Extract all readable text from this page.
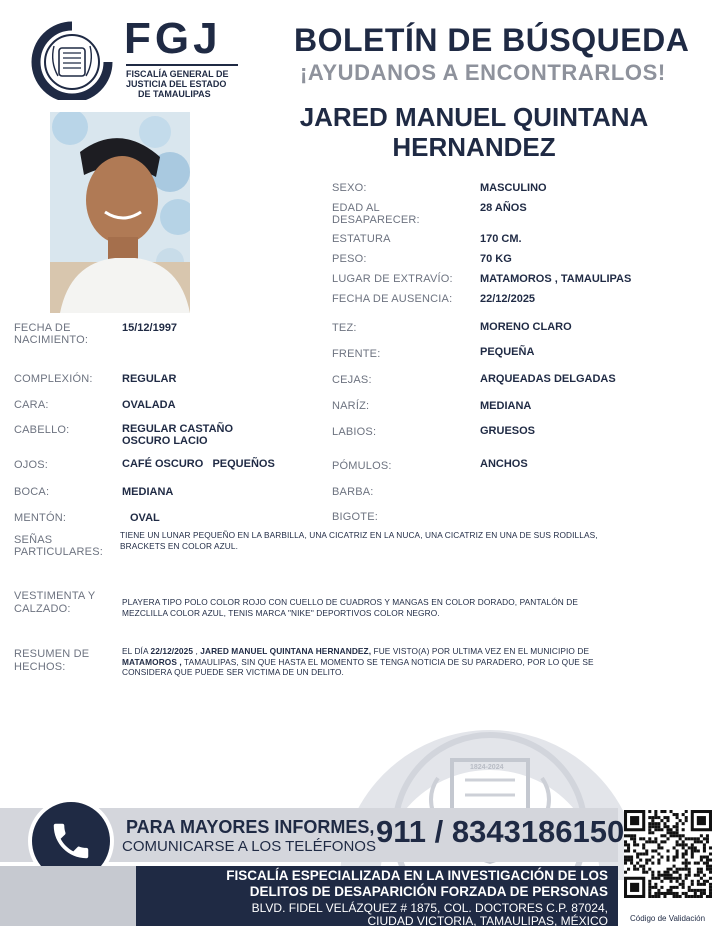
FGJ
FISCALÍA GENERAL DE
JUSTICIA DEL ESTADO
DE TAMAULIPAS
BOLETÍN DE BÚSQUEDA
¡AYUDANOS A ENCONTRARLOS!
JARED MANUEL QUINTANA
HERNANDEZ
SEXO:	MASCULINO
EDAD AL
DESAPARECER:
28 AÑOS
ESTATURA	170 CM.
PESO:	70 KG
LUGAR DE EXTRAVÍO: MATAMOROS , TAMAULIPAS
FECHA DE AUSENCIA:	22/12/2025
FECHA DE
NACIMIENTO:
15/12/1997
COMPLEXIÓN:	REGULAR
CARA:	OVALADA
CABELLO:	REGULAR CASTAÑO
OSCURO LACIO
OJOS:	CAFÉ OSCURO   PEQUEÑOS
BOCA:	MEDIANA
MENTÓN:	OVAL
TEZ:	MORENO CLARO
FRENTE:	PEQUEÑA
CEJAS:	ARQUEADAS DELGADAS
NARÍZ:	MEDIANA
LABIOS:	GRUESOS
PÓMULOS:	ANCHOS
BARBA:
BIGOTE:
SEÑAS
PARTICULARES:
TIENE UN LUNAR PEQUEÑO EN LA BARBILLA, UNA CICATRIZ EN LA NUCA, UNA CICATRIZ EN UNA DE SUS RODILLAS,
BRACKETS EN COLOR AZUL.
VESTIMENTA Y
CALZADO:
PLAYERA TIPO POLO COLOR ROJO CON CUELLO DE CUADROS Y MANGAS EN COLOR DORADO, PANTALÓN DE
MEZCLILLA COLOR AZUL, TENIS MARCA "NIKE" DEPORTIVOS COLOR NEGRO.
1824-2024
RESUMEN DE
HECHOS:
EL DÍA 22/12/2025 , JARED MANUEL QUINTANA HERNANDEZ, FUE VISTO(A) POR ULTIMA VEZ EN EL MUNICIPIO DE
MATAMOROS , TAMAULIPAS, SIN QUE HASTA EL MOMENTO SE TENGA NOTICIA DE SU PARADERO, POR LO QUE SE
CONSIDERA QUE PUEDE SER VICTIMA DE UN DELITO.
PARA MAYORES INFORMES,
COMUNICARSE A LOS TELÉFONOS 911 / 8343186150
FISCALÍA ESPECIALIZADA EN LA INVESTIGACIÓN DE LOS
DELITOS DE DESAPARICIÓN FORZADA DE PERSONAS
BLVD. FIDEL VELÁZQUEZ # 1875, COL. DOCTORES C.P. 87024,
CIUDAD VICTORIA, TAMAULIPAS, MÉXICO	Código de Validación
